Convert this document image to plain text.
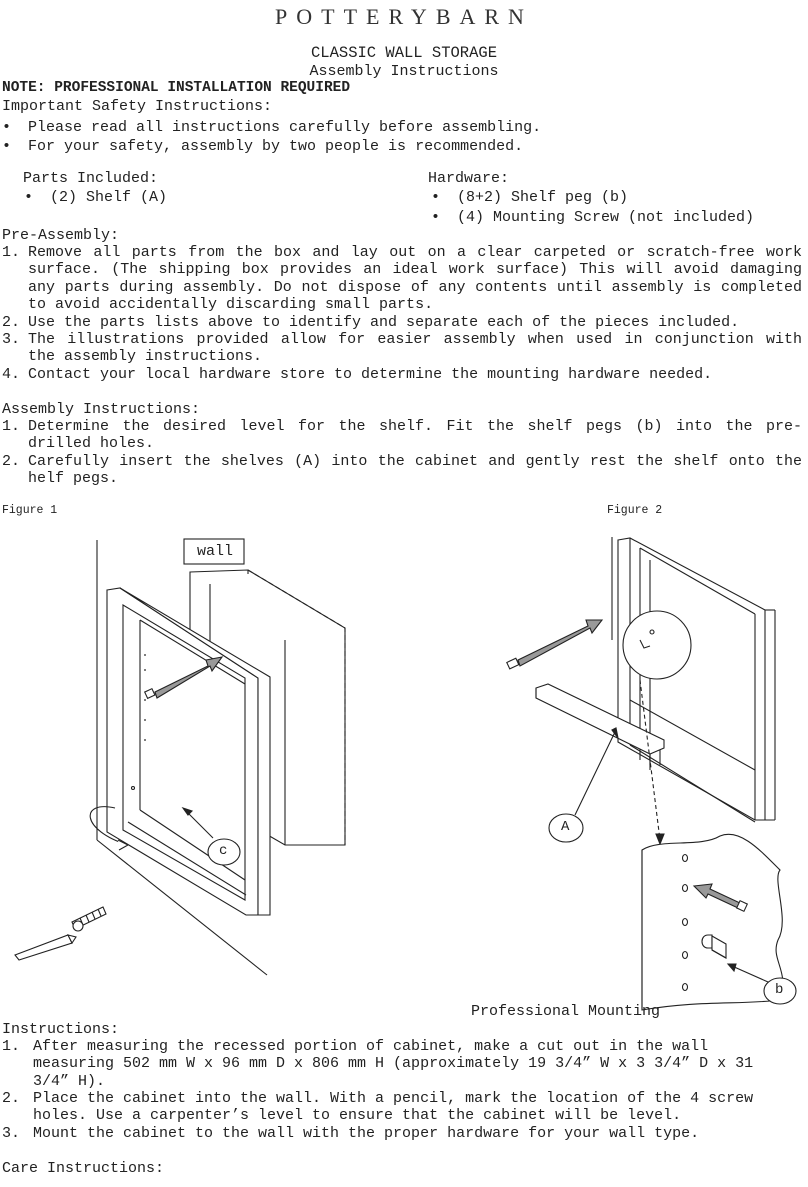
POTTERYBARN
CLASSIC WALL STORAGE
Assembly Instructions
NOTE: PROFESSIONAL INSTALLATION REQUIRED
Important Safety Instructions:
• Please read all instructions carefully before assembling.
• For your safety, assembly by two people is recommended.
Parts Included:
• (2) Shelf (A)
Hardware:
• (8+2) Shelf peg (b)
• (4) Mounting Screw (not included)
Pre-Assembly:
1. Remove all parts from the box and lay out on a clear carpeted or scratch-free work surface. (The shipping box provides an ideal work surface) This will avoid damaging any parts during assembly. Do not dispose of any contents until assembly is completed to avoid accidentally discarding small parts.
2. Use the parts lists above to identify and separate each of the pieces included.
3. The illustrations provided allow for easier assembly when used in conjunction with the assembly instructions.
4. Contact your local hardware store to determine the mounting hardware needed.
Assembly Instructions:
1. Determine the desired level for the shelf. Fit the shelf pegs (b) into the pre-drilled holes.
2. Carefully insert the shelves (A) into the cabinet and gently rest the shelf onto the helf pegs.
Figure 1	Figure 2
wall
c
A
b
Professional Mounting
Instructions:
1. After measuring the recessed portion of cabinet, make a cut out in the wall measuring 502 mm W x 96 mm D x 806 mm H (approximately 19 3/4” W x 3 3/4” D x 31 3/4” H).
2. Place the cabinet into the wall. With a pencil, mark the location of the 4 screw holes. Use a carpenter’s level to ensure that the cabinet will be level.
3. Mount the cabinet to the wall with the proper hardware for your wall type.
Care Instructions:
